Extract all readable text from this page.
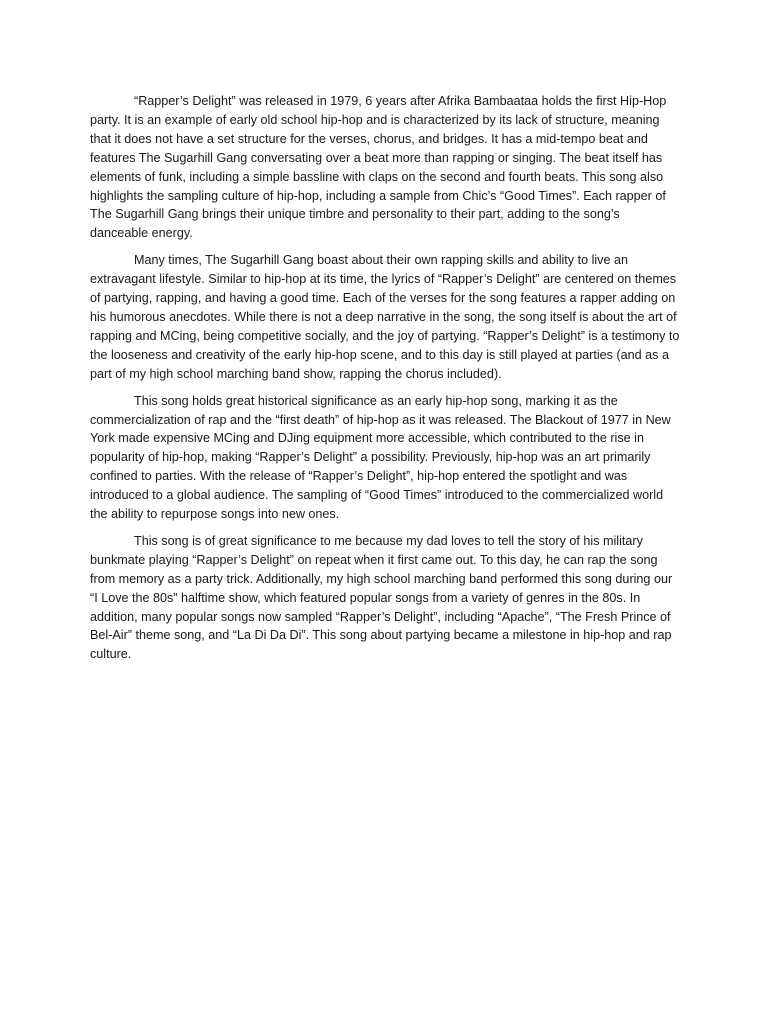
“Rapper’s Delight” was released in 1979, 6 years after Afrika Bambaataa holds the first Hip-Hop party. It is an example of early old school hip-hop and is characterized by its lack of structure, meaning that it does not have a set structure for the verses, chorus, and bridges. It has a mid-tempo beat and features The Sugarhill Gang conversating over a beat more than rapping or singing. The beat itself has elements of funk, including a simple bassline with claps on the second and fourth beats. This song also highlights the sampling culture of hip-hop, including a sample from Chic’s “Good Times”. Each rapper of The Sugarhill Gang brings their unique timbre and personality to their part, adding to the song’s danceable energy.

Many times, The Sugarhill Gang boast about their own rapping skills and ability to live an extravagant lifestyle. Similar to hip-hop at its time, the lyrics of “Rapper’s Delight” are centered on themes of partying, rapping, and having a good time. Each of the verses for the song features a rapper adding on his humorous anecdotes. While there is not a deep narrative in the song, the song itself is about the art of rapping and MCing, being competitive socially, and the joy of partying. “Rapper’s Delight” is a testimony to the looseness and creativity of the early hip-hop scene, and to this day is still played at parties (and as a part of my high school marching band show, rapping the chorus included).

This song holds great historical significance as an early hip-hop song, marking it as the commercialization of rap and the “first death” of hip-hop as it was released. The Blackout of 1977 in New York made expensive MCing and DJing equipment more accessible, which contributed to the rise in popularity of hip-hop, making “Rapper’s Delight” a possibility. Previously, hip-hop was an art primarily confined to parties. With the release of “Rapper’s Delight”, hip-hop entered the spotlight and was introduced to a global audience. The sampling of “Good Times” introduced to the commercialized world the ability to repurpose songs into new ones.

This song is of great significance to me because my dad loves to tell the story of his military bunkmate playing “Rapper’s Delight” on repeat when it first came out. To this day, he can rap the song from memory as a party trick. Additionally, my high school marching band performed this song during our “I Love the 80s” halftime show, which featured popular songs from a variety of genres in the 80s. In addition, many popular songs now sampled “Rapper’s Delight”, including “Apache”, “The Fresh Prince of Bel-Air” theme song, and “La Di Da Di”. This song about partying became a milestone in hip-hop and rap culture.
